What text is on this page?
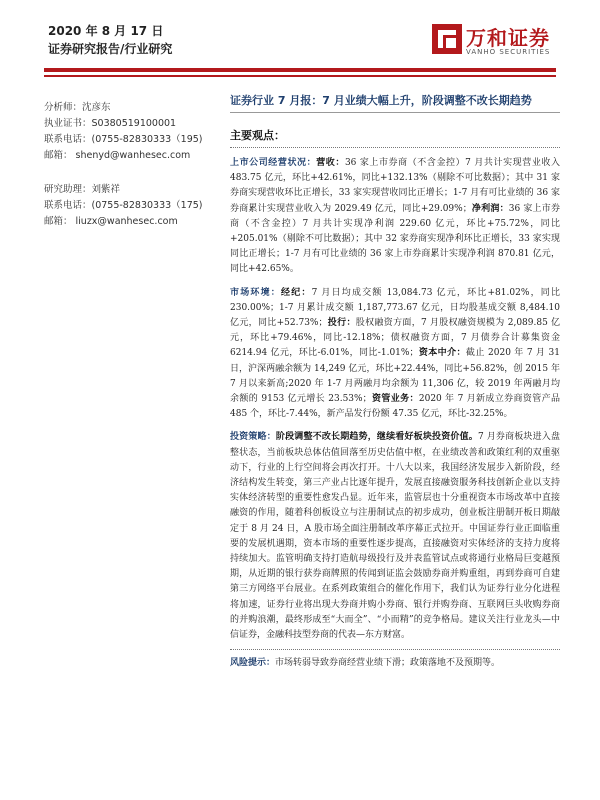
2020 年 8 月 17 日
证券研究报告/行业研究	万和证券
VANHO SECURITIES
分析师：沈彦东
执业证书：S0380519100001
联系电话：(0755-82830333（195)
邮箱： shenyd@wanhesec.com
研究助理：刘紫祥
联系电话：(0755-82830333（175)
邮箱： liuzx@wanhesec.com
证券行业 7 月报：7 月业绩大幅上升，阶段调整不改长期趋势
主要观点：
上市公司经营状况：营收：36 家上市券商（不含金控）7 月共计实现营业收入 483.75 亿元，环比+42.61%，同比+132.13%（剔除不可比数据）；其中 31 家券商实现营收环比正增长，33 家实现营收同比正增长；1-7 月有可比业绩的 36 家券商累计实现营业收入为 2029.49 亿元，同比+29.09%；净利润：36 家上市券商（不含金控）7 月共计实现净利润 229.60 亿元，环比+75.72%，同比+205.01%（剔除不可比数据）；其中 32 家券商实现净利环比正增长，33 家实现同比正增长；1-7 月有可比业绩的 36 家上市券商累计实现净利润 870.81 亿元，同比+42.65%。
市场环境：经纪：7 月日均成交额 13,084.73 亿元，环比+81.02%，同比 230.00%；1-7 月累计成交额 1,187,773.67 亿元，日均股基成交额 8,484.10 亿元，同比+52.73%；投行：股权融资方面，7 月股权融资规模为 2,089.85 亿元，环比+79.46%，同比-12.18%；债权融资方面，7 月债券合计募集资金 6214.94 亿元，环比-6.01%，同比-1.01%；资本中介：截止 2020 年 7 月 31 日，沪深两融余额为 14,249 亿元，环比+22.44%，同比+56.82%，创 2015 年 7 月以来新高;2020 年 1-7 月两融月均余额为 11,306 亿，较 2019 年两融月均余额的 9153 亿元增长 23.53%；资管业务：2020 年 7 月新成立券商资管产品 485 个，环比-7.44%，新产品发行份额 47.35 亿元，环比-32.25%。
投资策略：阶段调整不改长期趋势，继续看好板块投资价值。7 月券商板块进入盘整状态，当前板块总体估值回落至历史估值中枢，在业绩改善和政策红利的双重驱动下，行业的上行空间将会再次打开。十八大以来，我国经济发展步入新阶段，经济结构发生转变，第三产业占比逐年提升，发展直接融资服务科技创新企业以支持实体经济转型的重要性愈发凸显。近年来，监管层也十分重视资本市场改革中直接融资的作用，随着科创板设立与注册制试点的初步成功，创业板注册制开板日期敲定于 8 月 24 日，A 股市场全面注册制改革序幕正式拉开。中国证券行业正面临重要的发展机遇期，资本市场的重要性逐步提高，直接融资对实体经济的支持力度将持续加大。监管明确支持打造航母级投行及并表监管试点或将通行业格局巨变越预期，从近期的银行获券商牌照的传闻到证监会鼓励券商并购重组，再到券商可自建第三方网络平台展业。在系列政策组合的催化作用下，我们认为证券行业分化进程将加速，证券行业将出现大券商并购小券商、银行并购券商、互联网巨头收购券商的并购浪潮，最终形成至“大而全”、“小而精”的竞争格局。建议关注行业龙头—中信证券，金融科技型券商的代表—东方财富。
风险提示：市场转弱导致券商经营业绩下滑；政策落地不及预期等。
